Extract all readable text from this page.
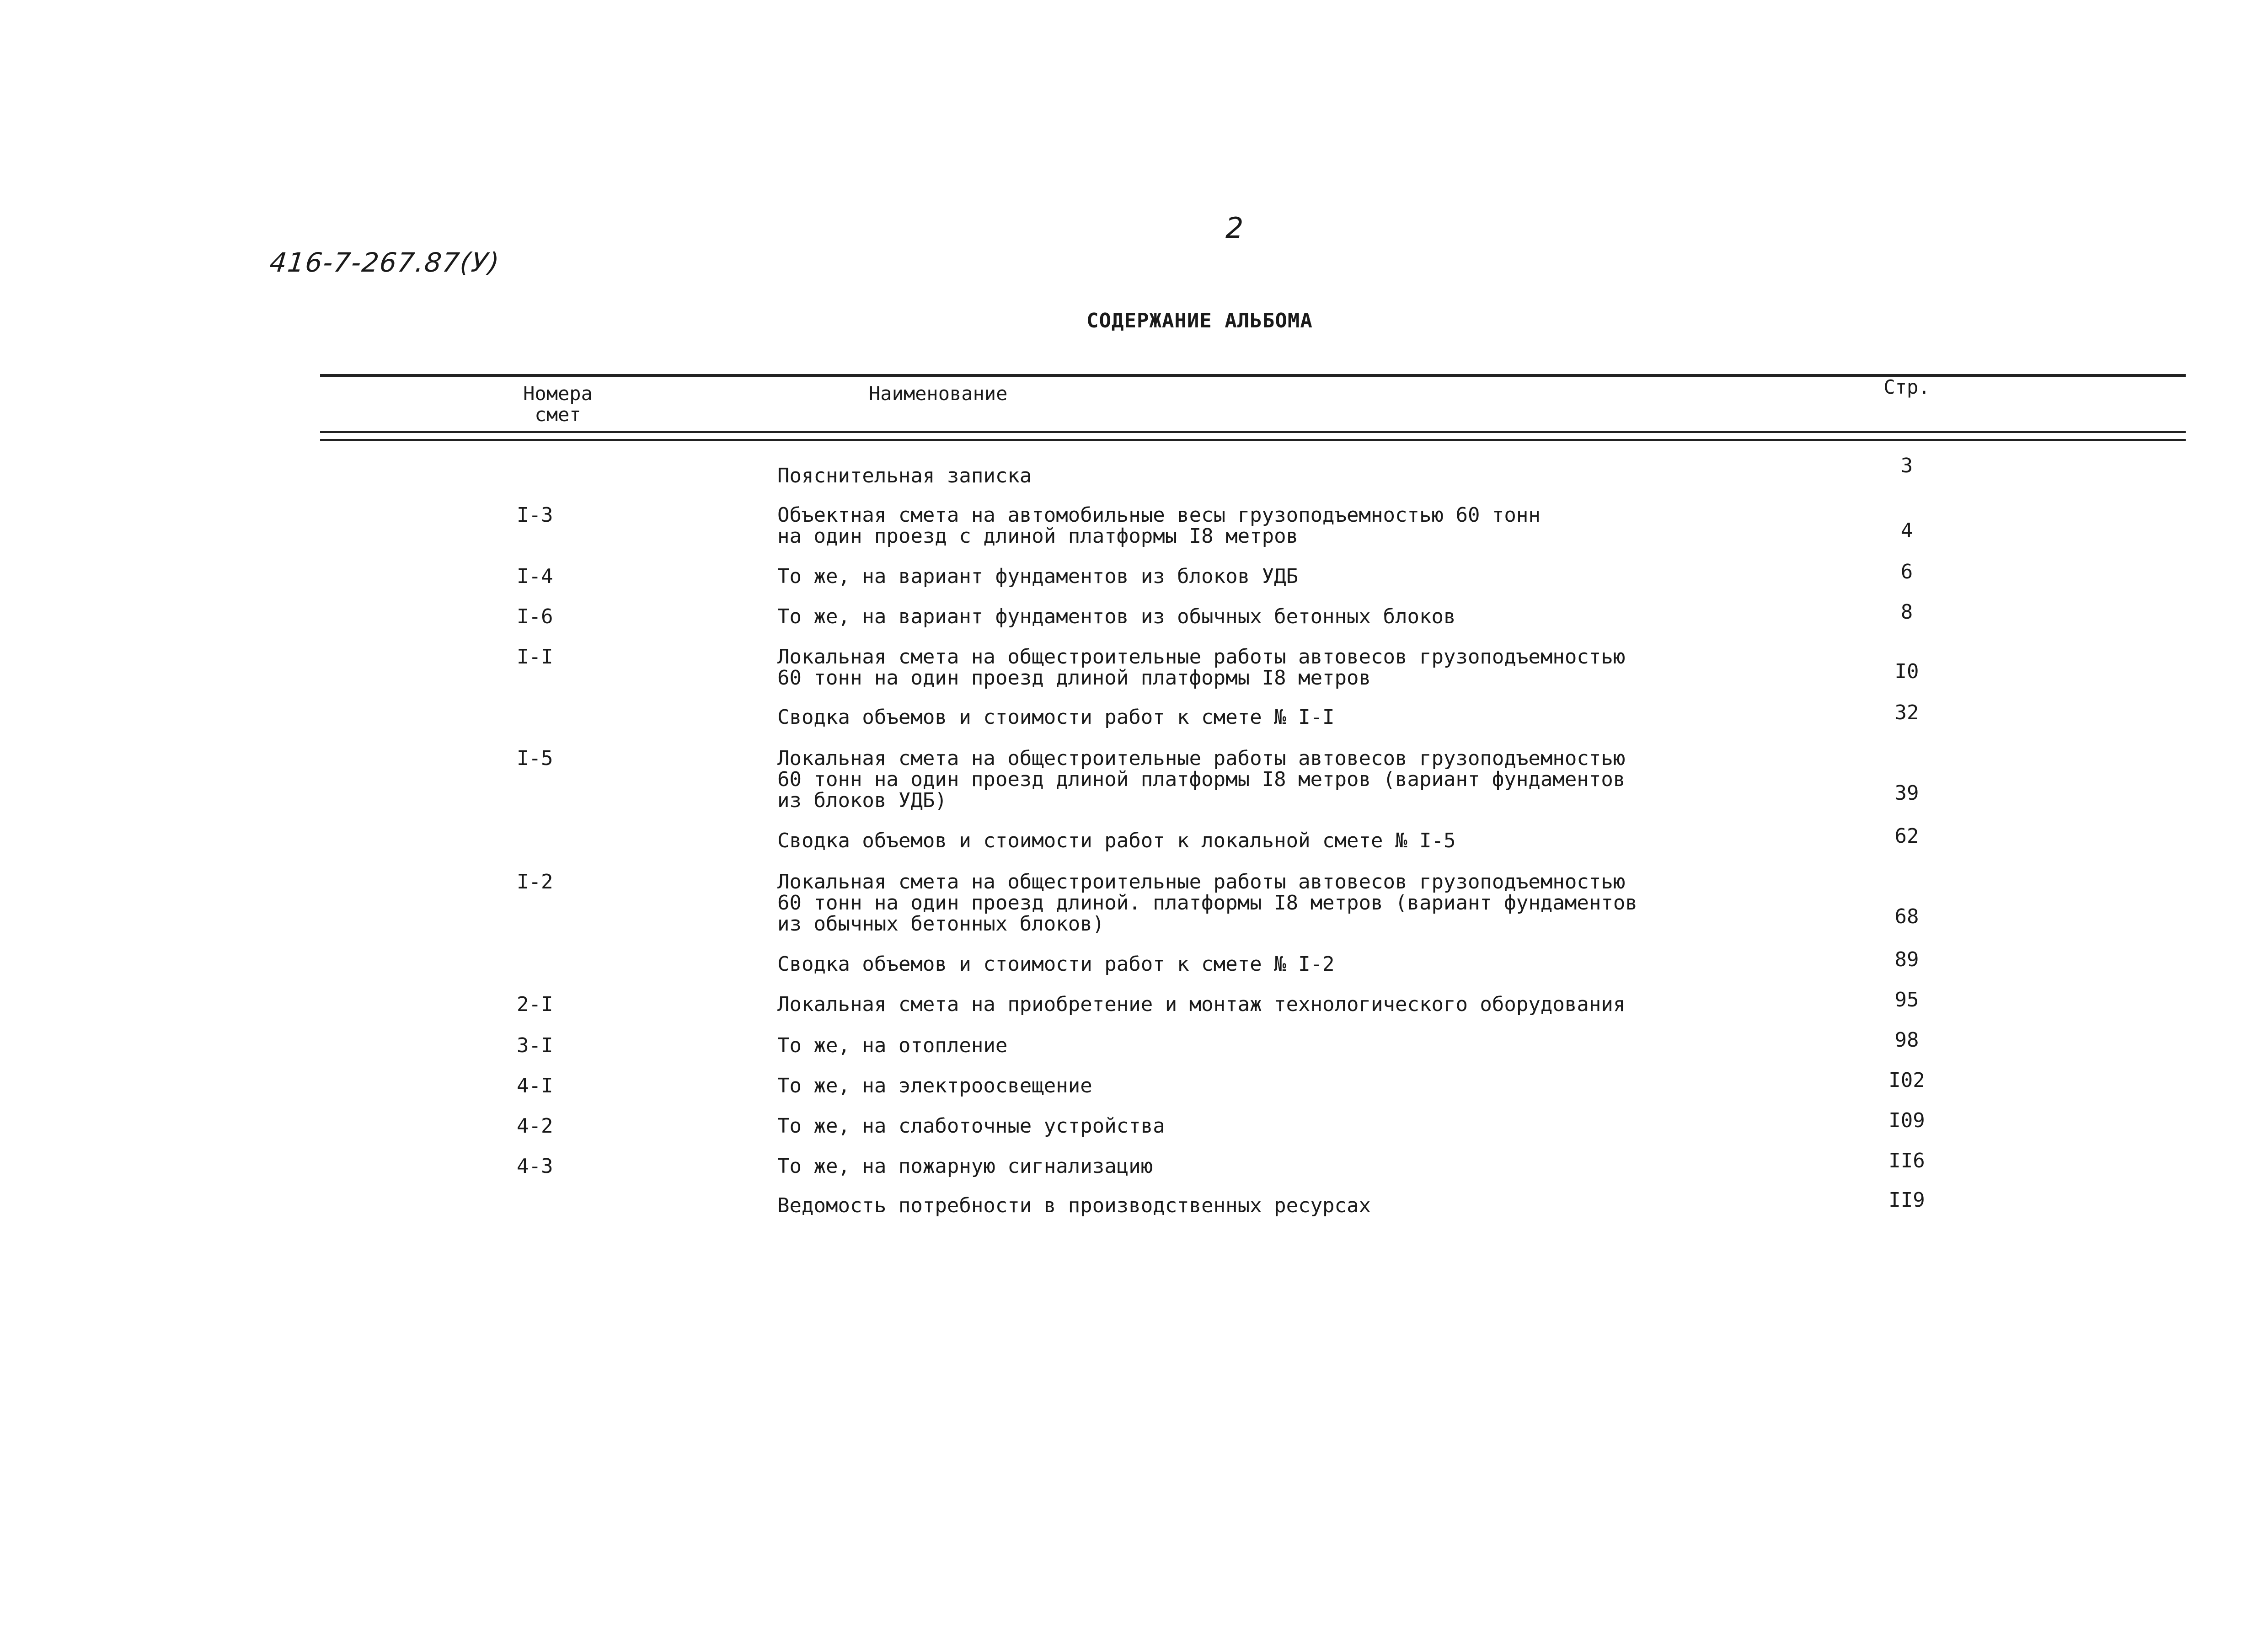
416-7-267.87(У)
2
СОДЕРЖАНИЕ АЛЬБОМА
Номера
смет
Наименование	Стр.
Пояснительная записка	3
I-3	Объектная смета на автомобильные весы грузоподъемностью 60 тонн
на один проезд с длиной платформы I8 метров	4
I-4	То же, на вариант фундаментов из блоков УДБ	6
I-6	То же, на вариант фундаментов из обычных бетонных блоков	8
I-I	Локальная смета на общестроительные работы автовесов грузоподъемностью
60 тонн на один проезд длиной платформы I8 метров	I0
Сводка объемов и стоимости работ к смете № I-I	32
I-5	Локальная смета на общестроительные работы автовесов грузоподъемностью
60 тонн на один проезд длиной платформы I8 метров (вариант фундаментов
из блоков УДБ)	39
Сводка объемов и стоимости работ к локальной смете № I-5	62
I-2	Локальная смета на общестроительные работы автовесов грузоподъемностью
60 тонн на один проезд длиной. платформы I8 метров (вариант фундаментов
из обычных бетонных блоков)	68
Сводка объемов и стоимости работ к смете № I-2	89
2-I	Локальная смета на приобретение и монтаж технологического оборудования	95
3-I	То же, на отопление	98
4-I	То же, на электроосвещение	I02
4-2	То же, на слаботочные устройства	I09
4-3	То же, на пожарную сигнализацию	II6
Ведомость потребности в производственных ресурсах	II9
